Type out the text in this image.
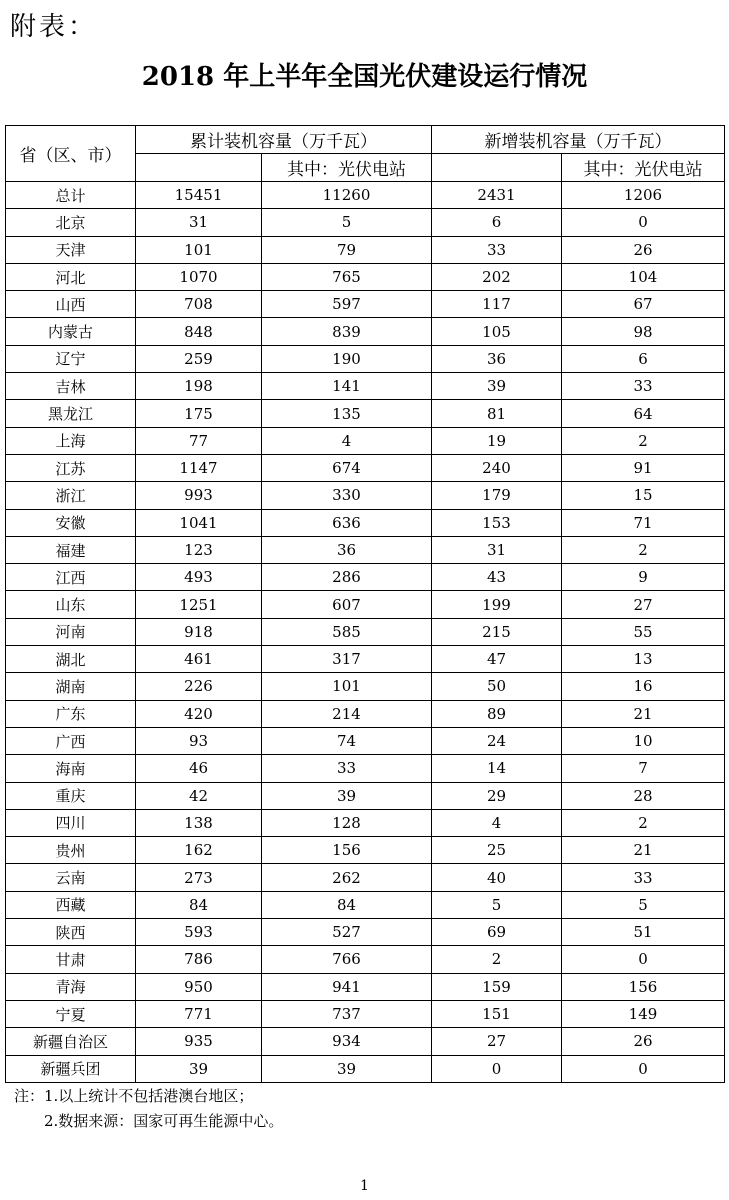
附表：
2018 年上半年全国光伏建设运行情况
省（区、市）	累计装机容量（万千瓦）		新增装机容量（万千瓦）	
		其中：光伏电站		其中：光伏电站
总计	15451	11260	2431	1206
北京	31	5	6	0
天津	101	79	33	26
河北	1070	765	202	104
山西	708	597	117	67
内蒙古	848	839	105	98
辽宁	259	190	36	6
吉林	198	141	39	33
黑龙江	175	135	81	64
上海	77	4	19	2
江苏	1147	674	240	91
浙江	993	330	179	15
安徽	1041	636	153	71
福建	123	36	31	2
江西	493	286	43	9
山东	1251	607	199	27
河南	918	585	215	55
湖北	461	317	47	13
湖南	226	101	50	16
广东	420	214	89	21
广西	93	74	24	10
海南	46	33	14	7
重庆	42	39	29	28
四川	138	128	4	2
贵州	162	156	25	21
云南	273	262	40	33
西藏	84	84	5	5
陕西	593	527	69	51
甘肃	786	766	2	0
青海	950	941	159	156
宁夏	771	737	151	149
新疆自治区	935	934	27	26
新疆兵团	39	39	0	0
注：1.以上统计不包括港澳台地区；
2.数据来源：国家可再生能源中心。
1
